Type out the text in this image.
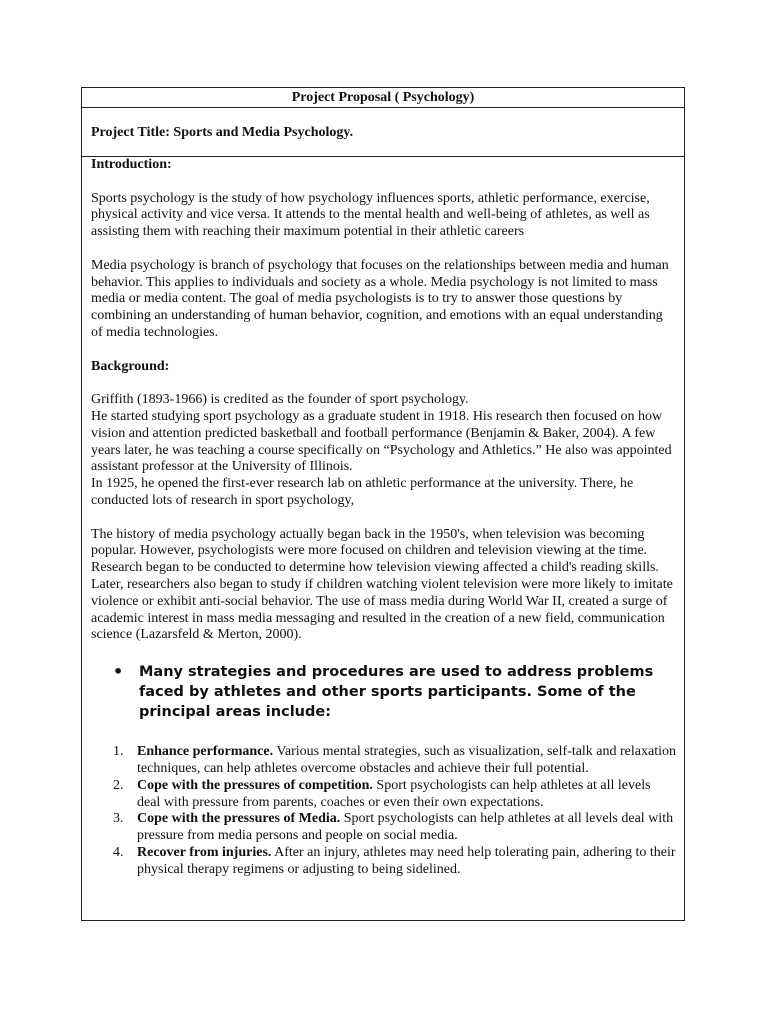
Project Proposal ( Psychology)
Project Title: Sports and Media Psychology.

Introduction:

Sports psychology is the study of how psychology influences sports, athletic performance, exercise, physical activity and vice versa. It attends to the mental health and well-being of athletes, as well as assisting them with reaching their maximum potential in their athletic careers

Media psychology is branch of psychology that focuses on the relationships between media and human behavior. This applies to individuals and society as a whole. Media psychology is not limited to mass media or media content. The goal of media psychologists is to try to answer those questions by combining an understanding of human behavior, cognition, and emotions with an equal understanding of media technologies.

Background:

Griffith (1893-1966) is credited as the founder of sport psychology.

He started studying sport psychology as a graduate student in 1918. His research then focused on how vision and attention predicted basketball and football performance (Benjamin & Baker, 2004). A few years later, he was teaching a course specifically on “Psychology and Athletics.” He also was appointed assistant professor at the University of Illinois.

In 1925, he opened the first-ever research lab on athletic performance at the university. There, he conducted lots of research in sport psychology,

The history of media psychology actually began back in the 1950's, when television was becoming popular. However, psychologists were more focused on children and television viewing at the time. Research began to be conducted to determine how television viewing affected a child's reading skills. Later, researchers also began to study if children watching violent television were more likely to imitate violence or exhibit anti-social behavior. The use of mass media during World War II, created a surge of academic interest in mass media messaging and resulted in the creation of a new field, communication science (Lazarsfeld & Merton, 2000).

•	Many strategies and procedures are used to address problems faced by athletes and other sports participants. Some of the principal areas include:
1. Enhance performance. Various mental strategies, such as visualization, self-talk and relaxation techniques, can help athletes overcome obstacles and achieve their full potential.
2. Cope with the pressures of competition. Sport psychologists can help athletes at all levels deal with pressure from parents, coaches or even their own expectations.
3. Cope with the pressures of Media. Sport psychologists can help athletes at all levels deal with pressure from media persons and people on social media.
4. Recover from injuries. After an injury, athletes may need help tolerating pain, adhering to their physical therapy regimens or adjusting to being sidelined.
